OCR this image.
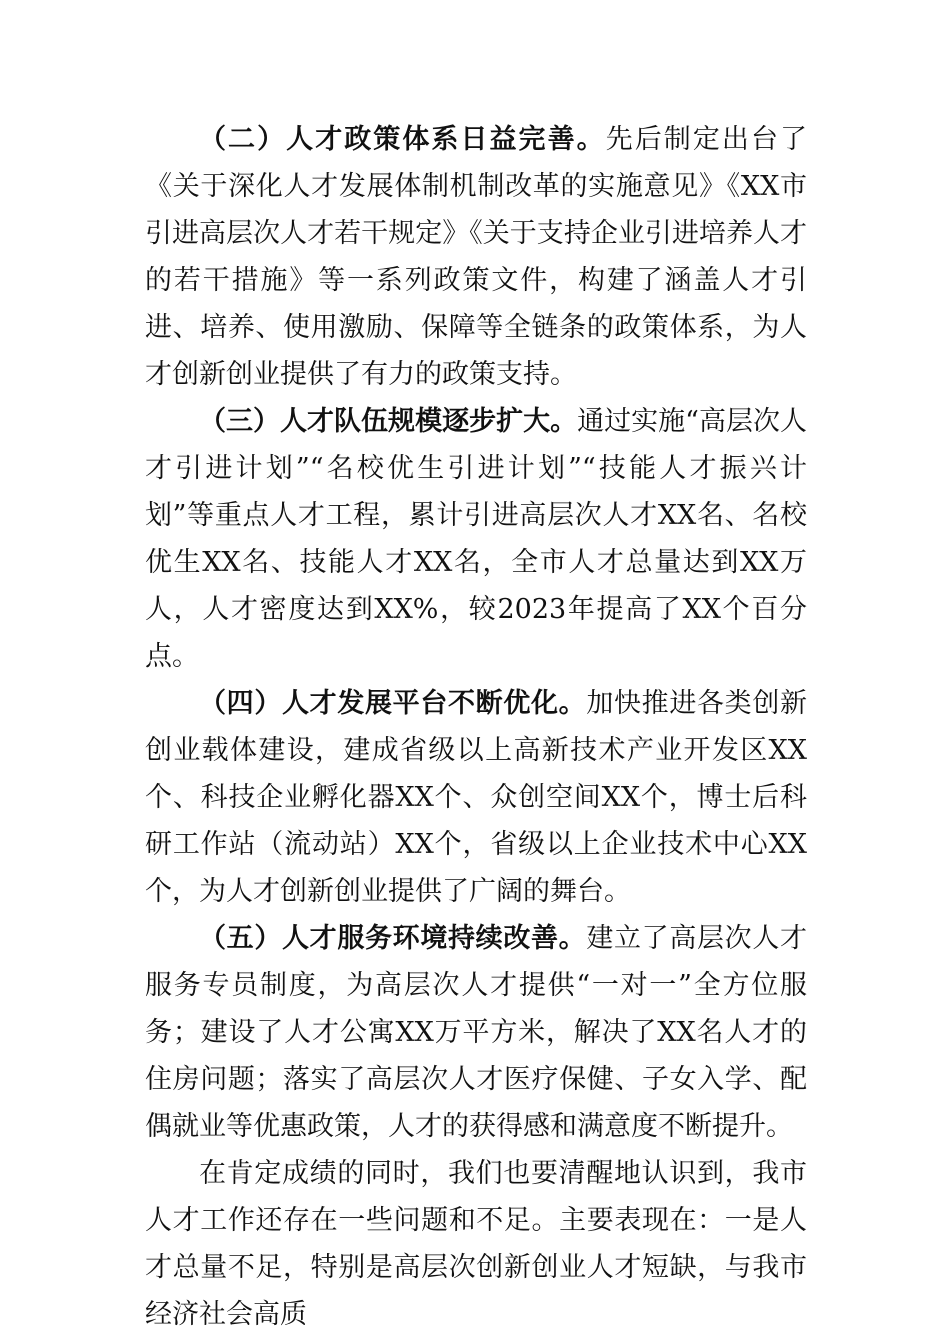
（二）人才政策体系日益完善。先后制定出台了《关于深化人才发展体制机制改革的实施意见》《XX市引进高层次人才若干规定》《关于支持企业引进培养人才的若干措施》等一系列政策文件，构建了涵盖人才引进、培养、使用激励、保障等全链条的政策体系，为人才创新创业提供了有力的政策支持。

（三）人才队伍规模逐步扩大。通过实施“高层次人才引进计划”“名校优生引进计划”“技能人才振兴计划”等重点人才工程，累计引进高层次人才XX名、名校优生XX名、技能人才XX名，全市人才总量达到XX万人，人才密度达到XX%，较2023年提高了XX个百分点。

（四）人才发展平台不断优化。加快推进各类创新创业载体建设，建成省级以上高新技术产业开发区XX个、科技企业孵化器XX个、众创空间XX个，博士后科研工作站（流动站）XX个，省级以上企业技术中心XX个，为人才创新创业提供了广阔的舞台。

（五）人才服务环境持续改善。建立了高层次人才服务专员制度，为高层次人才提供“一对一”全方位服务；建设了人才公寓XX万平方米，解决了XX名人才的住房问题；落实了高层次人才医疗保健、子女入学、配偶就业等优惠政策，人才的获得感和满意度不断提升。

在肯定成绩的同时，我们也要清醒地认识到，我市人才工作还存在一些问题和不足。主要表现在：一是人才总量不足，特别是高层次创新创业人才短缺，与我市经济社会高质
